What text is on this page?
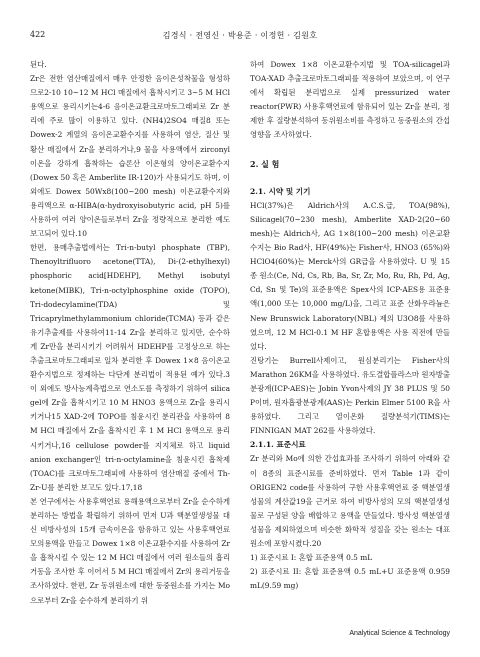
422	김경식 · 전영신 · 박용준 · 이정헌 · 김원호

된다.

Zr은 전한 염산매질에서 매우 안정한 음이온성착물을 형성하므로2-10 10~12 M HCl 매질에서 흡착시키고 3~5 M HCl 용액으로 용리시키는4-6 음이온교환크로마토그래피로 Zr 분리에 주로 많이 이용하고 있다. (NH4)2SO4 매질8 또는 Dowex-2 계열의 음이온교환수지를 사용하여 염산, 질산 및 황산 매질에서 Zr을 분리하거나,9 물을 사용액에서 zirconyl 이온을 강하게 흡착하는 습론산 이온형의 양이온교환수지(Dowex 50 혹은 Amberlite IR-120)가 사용되기도 하며, 이외에도 Dowex 50Wx8(100~200 mesh) 이온교환수지와 용리액으로 α-HIBA(α-hydroxyisobutyric acid, pH 5)를 사용하여 여러 양이온들로부터 Zr을 정량적으로 분리한 예도 보고되어 있다.10

한편, 용매추출법에서는 Tri-n-butyl phosphate (TBP), Thenoyltrifluoro acetone(TTA), Di-(2-ethylhexyl) phosphoric acid[HDEHP], Methyl isobutyl ketone(MIBK), Tri-n-octylphosphine oxide (TOPO), Tri-dodecylamine(TDA) 및 Tricaprylmethylammonium chloride(TCMA) 등과 같은 유기추출제를 사용하여11-14 Zr을 분리하고 있지만, 순수하게 Zr만을 분리시키기 어려워서 HDEHP를 고정상으로 하는 추출크로마토그래피로 일차 분리한 후 Dowex 1×8 음이온교환수지법으로 정제하는 다단계 분리법이 적용된 예가 있다.3 이 외에도 방사능계측법으로 연소도를 측정하기 위하여 silica gel에 Zr을 흡착시키고 10 M HNO3 용액으로 Zr을 용리시키거나15 XAD-2에 TOPO를 침윤시킨 분리관을 사용하여 8 M HCl 매질에서 Zr을 흡착시킨 후 1 M HCl 용액으로 용리시키거나,16 cellulose powder를 지지체로 하고 liquid anion exchanger인 tri-n-octylamine을 침윤시킨 흡착제(TOAC)를 크로마토그래피에 사용하여 염산매질 중에서 Th-Zr-U를 분리한 보고도 있다.17,18

본 연구에서는 사용후핵연료 용해용액으로부터 Zr을 순수하게 분리하는 방법을 확립하기 위하여 먼저 U과 핵분열생성물 대신 비방사성의 15개 금속이온을 함유하고 있는 사용후핵연료 모의용액을 만들고 Dowex 1×8 이온교환수지를 사용하여 Zr을 흡착시킬 수 있는 12 M HCl 매질에서 여러 원소들의 흡리거동을 조사한 후 이어서 5 M HCl 매질에서 Zr의 용리거동을 조사하였다. 한편, Zr 동위원소에 대한 동중원소를 가지는 Mo으로부터 Zr을 순수하게 분리하기 위

하여 Dowex 1×8 이온교환수지법 및 TOA-silicagel과 TOA-XAD 추출크로마토그래피를 적용하여 보았으며, 이 연구에서 확립된 분리법으로 실제 pressurized water reactor(PWR) 사용후핵연료에 함유되어 있는 Zr을 분리, 정제한 후 질량분석하여 동위원소비를 측정하고 동중원소의 간섭영향을 조사하였다.

2. 실 험

2.1. 시약 및 기기

HCl(37%)은 Aldrich사의 A.C.S.급, TOA(98%), Silicagel(70~230 mesh), Amberlite XAD-2(20~60 mesh)는 Aldrich사, AG 1×8(100~200 mesh) 이온교환수지는 Bio Rad사, HF(49%)는 Fisher사, HNO3 (65%)와 HClO4(60%)는 Merck사의 GR급을 사용하였다. U 및 15종 원소(Ce, Nd, Cs, Rb, Ba, Sr, Zr, Mo, Ru, Rh, Pd, Ag, Cd, Sn 및 Te)의 표준용액은 Spex사의 ICP-AES용 표준용액(1,000 또는 10,000 mg/L)을, 그리고 표준 산화우라늄은 New Brunswick Laboratory(NBL) 제의 U3O8를 사용하였으며, 12 M HCl-0.1 M HF 혼합용액은 사용 직전에 만들었다.

진탕기는 Burrell사제이고, 원심분리기는 Fisher사의 Marathon 26KM을 사용하였다. 유도결합플라스마 원자방출분광계(ICP-AES)는 Jobin Yvon사제의 JY 38 PLUS 및 50 P이며, 원자흡광분광계(AAS)는 Perkin Elmer 5100 R을 사용하였다. 그리고 열이온화 질량분석기(TIMS)는 FINNIGAN MAT 262를 사용하였다.

2.1.1. 표준시료

Zr 분리와 Mo에 의한 간섭효과를 조사하기 위하여 아래와 같이 8종의 표준시료를 준비하였다. 먼저 Table 1과 같이 ORIGEN2 code를 사용하여 구한 사용후핵연료 중 핵분열생성물의 계산값19을 근거로 하여 비방사성의 모의 핵분열생성물로 구성된 양을 배합하고 용액을 만들었다. 방사성 핵분열생성물을 제외하였으며 비슷한 화학적 성질을 갖는 원소는 대표원소에 포함시켰다.20

1) 표준시료 I: 혼합 표준용액 0.5 mL

2) 표준시료 II: 혼합 표준용액 0.5 mL+U 표준용액 0.959 mL(9.59 mg)

Analytical Science & Technology
